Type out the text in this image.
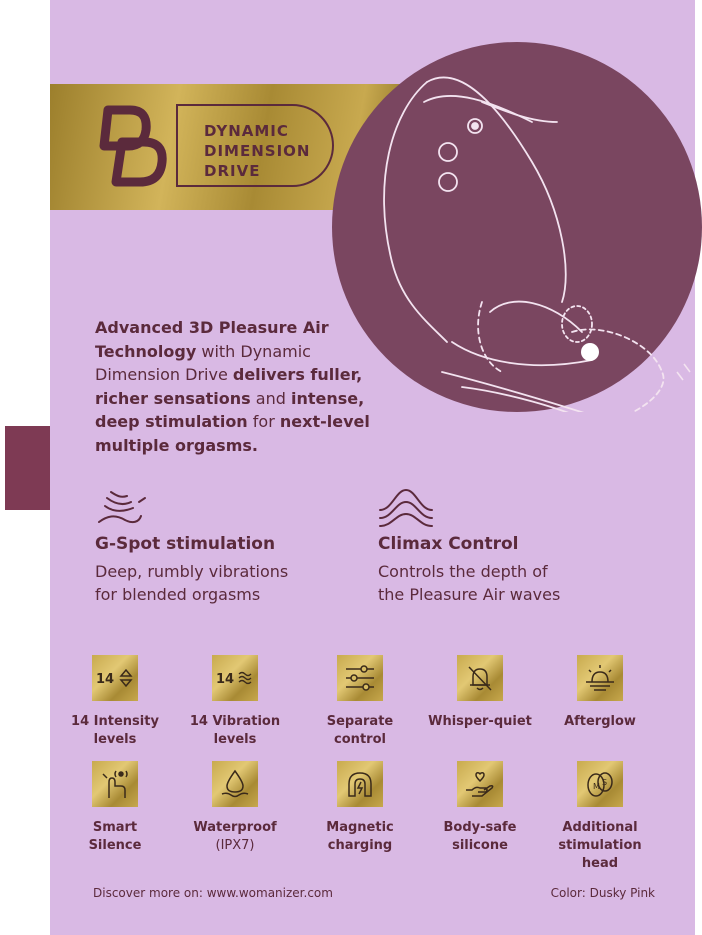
DYNAMIC
DIMENSION
DRIVE
Advanced 3D Pleasure Air Technology with Dynamic Dimension Drive delivers fuller, richer sensations and intense, deep stimulation for next-level multiple orgasms.
G-Spot stimulation
Deep, rumbly vibrations
for blended orgasms
Climax Control
Controls the depth of
the Pleasure Air waves
14
14 Intensity
levels
14
14 Vibration
levels
Separate
control
Whisper-quiet	Afterglow
Smart
Silence
Waterproof
(IPX7)
Magnetic
charging
Body-safe
silicone
M S
Additional
stimulation head
Discover more on: www.womanizer.com	Color: Dusky Pink
